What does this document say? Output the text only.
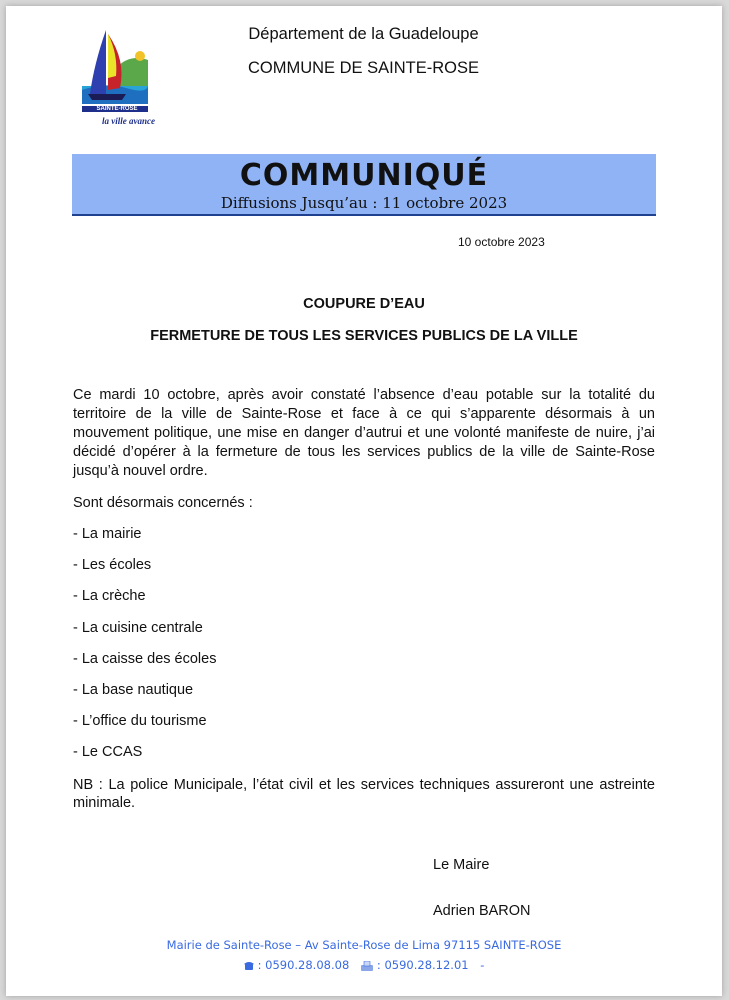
SAINTE-ROSE
la ville avance
Département de la Guadeloupe
COMMUNE DE SAINTE-ROSE
COMMUNIQUÉ
Diffusions Jusqu’au : 11 octobre 2023
10 octobre 2023
COUPURE D’EAU
FERMETURE DE TOUS LES SERVICES PUBLICS DE LA VILLE
Ce mardi 10 octobre, après avoir constaté l’absence d’eau potable sur la totalité du territoire de la ville de Sainte-Rose et face à ce qui s’apparente désormais à un mouvement politique, une mise en danger d’autrui et une volonté manifeste de nuire, j’ai décidé d’opérer à la fermeture de tous les services publics de la ville de Sainte-Rose jusqu’à nouvel ordre.
Sont désormais concernés :
- La mairie
- Les écoles
- La crèche
- La cuisine centrale
- La caisse des écoles
- La base nautique
- L’office du tourisme
- Le CCAS
NB : La police Municipale, l’état civil et les services techniques assureront une astreinte minimale.
Le Maire
Adrien BARON
Mairie de Sainte-Rose – Av Sainte-Rose de Lima 97115 SAINTE-ROSE
: 0590.28.08.08 : 0590.28.12.01 -
